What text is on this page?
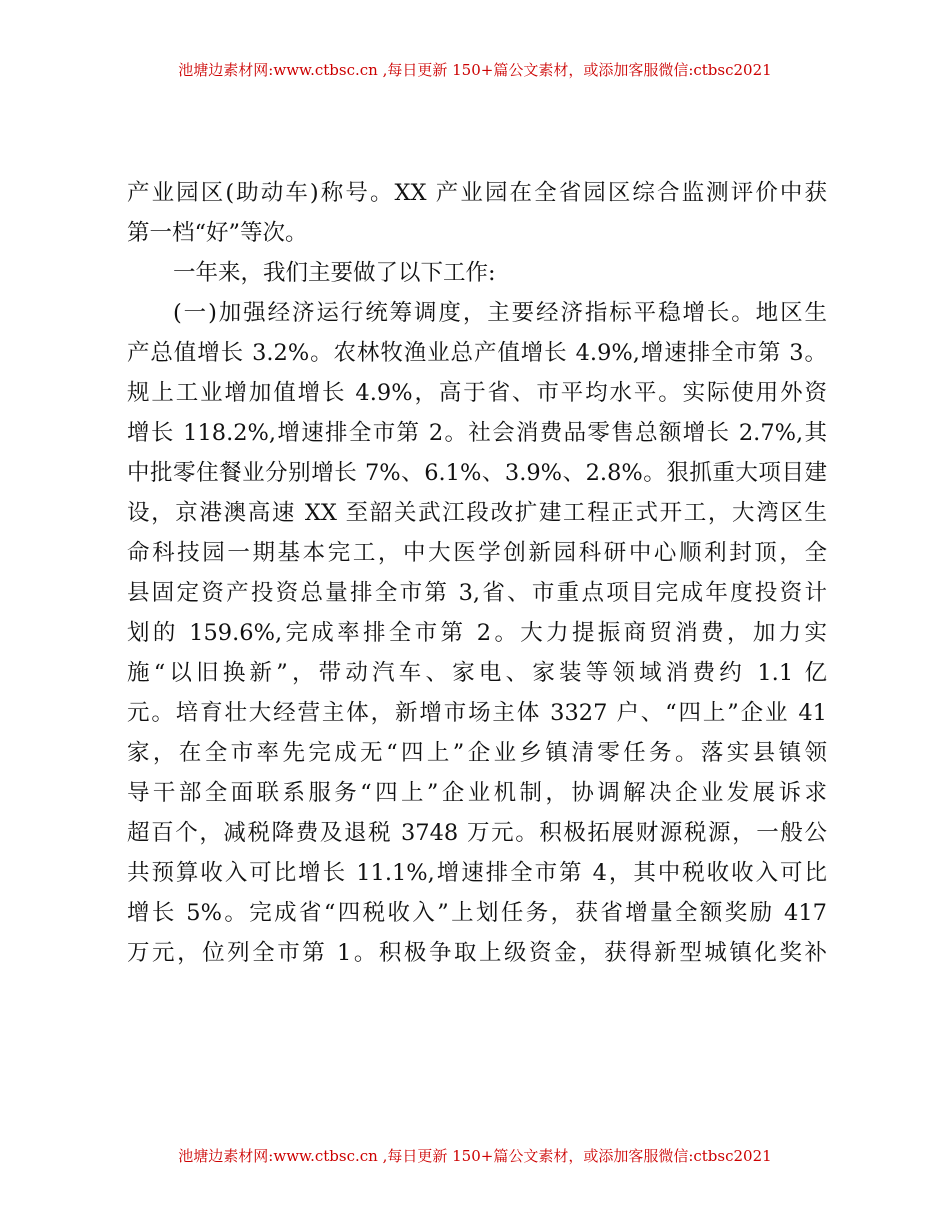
池塘边素材网:www.ctbsc.cn ,每日更新 150+篇公文素材，或添加客服微信:ctbsc2021
产业园区(助动车)称号。XX 产业园在全省园区综合监测评价中获
第一档“好”等次。
一年来，我们主要做了以下工作:
(一)加强经济运行统筹调度，主要经济指标平稳增长。地区生
产总值增长 3.2%。农林牧渔业总产值增长 4.9%,增速排全市第 3。
规上工业增加值增长 4.9%，高于省、市平均水平。实际使用外资
增长 118.2%,增速排全市第 2。社会消费品零售总额增长 2.7%,其
中批零住餐业分别增长 7%、6.1%、3.9%、2.8%。狠抓重大项目建
设，京港澳高速 XX 至韶关武江段改扩建工程正式开工，大湾区生
命科技园一期基本完工，中大医学创新园科研中心顺利封顶，全
县固定资产投资总量排全市第 3,省、市重点项目完成年度投资计
划的 159.6%,完成率排全市第 2。大力提振商贸消费，加力实
施“以旧换新”，带动汽车、家电、家装等领域消费约 1.1 亿
元。培育壮大经营主体，新增市场主体 3327 户、“四上”企业 41
家，在全市率先完成无“四上”企业乡镇清零任务。落实县镇领
导干部全面联系服务“四上”企业机制，协调解决企业发展诉求
超百个，减税降费及退税 3748 万元。积极拓展财源税源，一般公
共预算收入可比增长 11.1%,增速排全市第 4，其中税收收入可比
增长 5%。完成省“四税收入”上划任务，获省增量全额奖励 417
万元，位列全市第 1。积极争取上级资金，获得新型城镇化奖补
池塘边素材网:www.ctbsc.cn ,每日更新 150+篇公文素材，或添加客服微信:ctbsc2021
